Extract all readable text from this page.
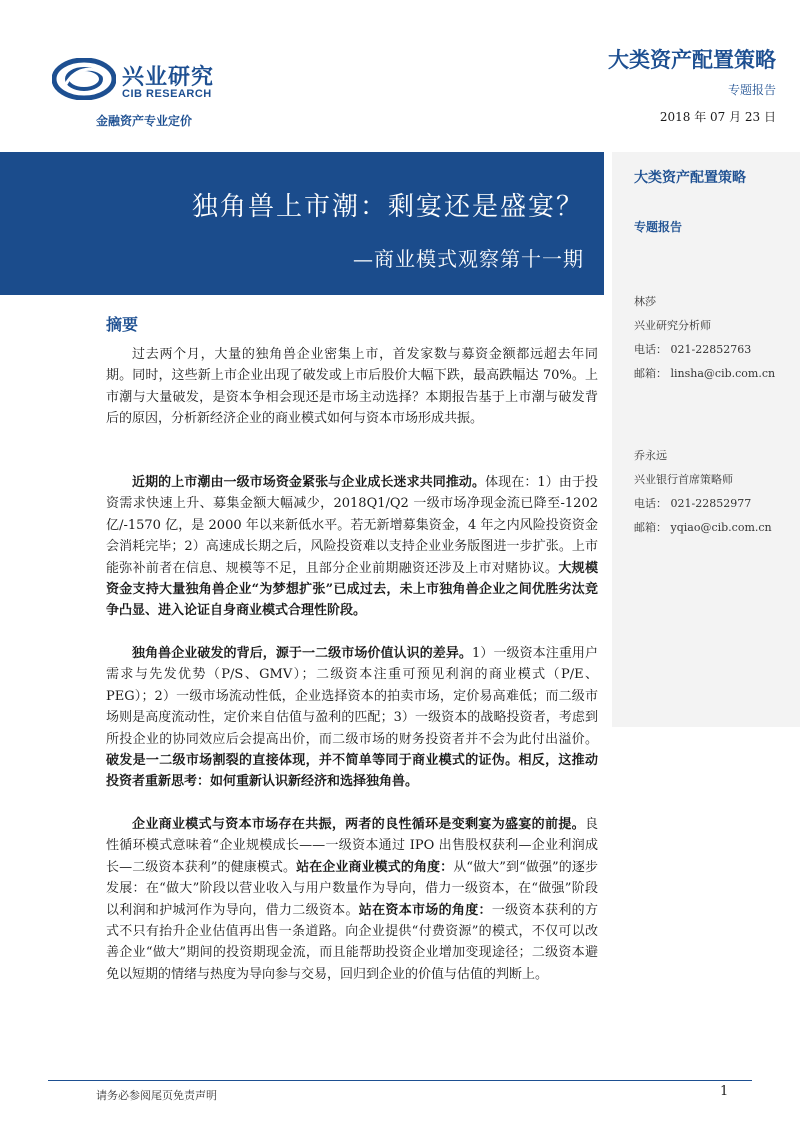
兴业研究
CIB RESEARCH
金融资产专业定价
大类资产配置策略
专题报告
2018 年 07 月 23 日
独角兽上市潮：剩宴还是盛宴？
—商业模式观察第十一期
大类资产配置策略
专题报告
林莎
兴业研究分析师
电话： 021-22852763
邮箱： linsha@cib.com.cn
乔永远
兴业银行首席策略师
电话： 021-22852977
邮箱： yqiao@cib.com.cn
摘要

过去两个月，大量的独角兽企业密集上市，首发家数与募资金额都远超去年同期。同时，这些新上市企业出现了破发或上市后股价大幅下跌，最高跌幅达 70%。上市潮与大量破发，是资本争相会现还是市场主动选择？本期报告基于上市潮与破发背后的原因，分析新经济企业的商业模式如何与资本市场形成共振。

近期的上市潮由一级市场资金紧张与企业成长迷求共同推动。体现在：1）由于投资需求快速上升、募集金额大幅减少，2018Q1/Q2 一级市场净现金流已降至-1202 亿/-1570 亿，是 2000 年以来新低水平。若无新增募集资金，4 年之内风险投资资金会消耗完毕；2）高速成长期之后，风险投资难以支持企业业务版图进一步扩张。上市能弥补前者在信息、规模等不足，且部分企业前期融资还涉及上市对赌协议。大规模资金支持大量独角兽企业“为梦想扩张”已成过去，未上市独角兽企业之间优胜劣汰竞争凸显、进入论证自身商业模式合理性阶段。

独角兽企业破发的背后，源于一二级市场价值认识的差异。1）一级资本注重用户需求与先发优势（P/S、GMV）；二级资本注重可预见利润的商业模式（P/E、PEG）；2）一级市场流动性低，企业选择资本的拍卖市场，定价易高难低；而二级市场则是高度流动性，定价来自估值与盈利的匹配；3）一级资本的战略投资者，考虑到所投企业的协同效应后会提高出价，而二级市场的财务投资者并不会为此付出溢价。破发是一二级市场割裂的直接体现，并不简单等同于商业模式的证伪。相反，这推动投资者重新思考：如何重新认识新经济和选择独角兽。

企业商业模式与资本市场存在共振，两者的良性循环是变剩宴为盛宴的前提。良性循环模式意味着“企业规模成长——一级资本通过 IPO 出售股权获利—企业利润成长—二级资本获利”的健康模式。站在企业商业模式的角度：从“做大”到“做强”的逐步发展：在“做大”阶段以营业收入与用户数量作为导向，借力一级资本，在“做强”阶段以利润和护城河作为导向，借力二级资本。站在资本市场的角度：一级资本获利的方式不只有抬升企业估值再出售一条道路。向企业提供“付费资源”的模式，不仅可以改善企业“做大”期间的投资期现金流，而且能帮助投资企业增加变现途径；二级资本避免以短期的情绪与热度为导向参与交易，回归到企业的价值与估值的判断上。

请务必参阅尾页免责声明	1
